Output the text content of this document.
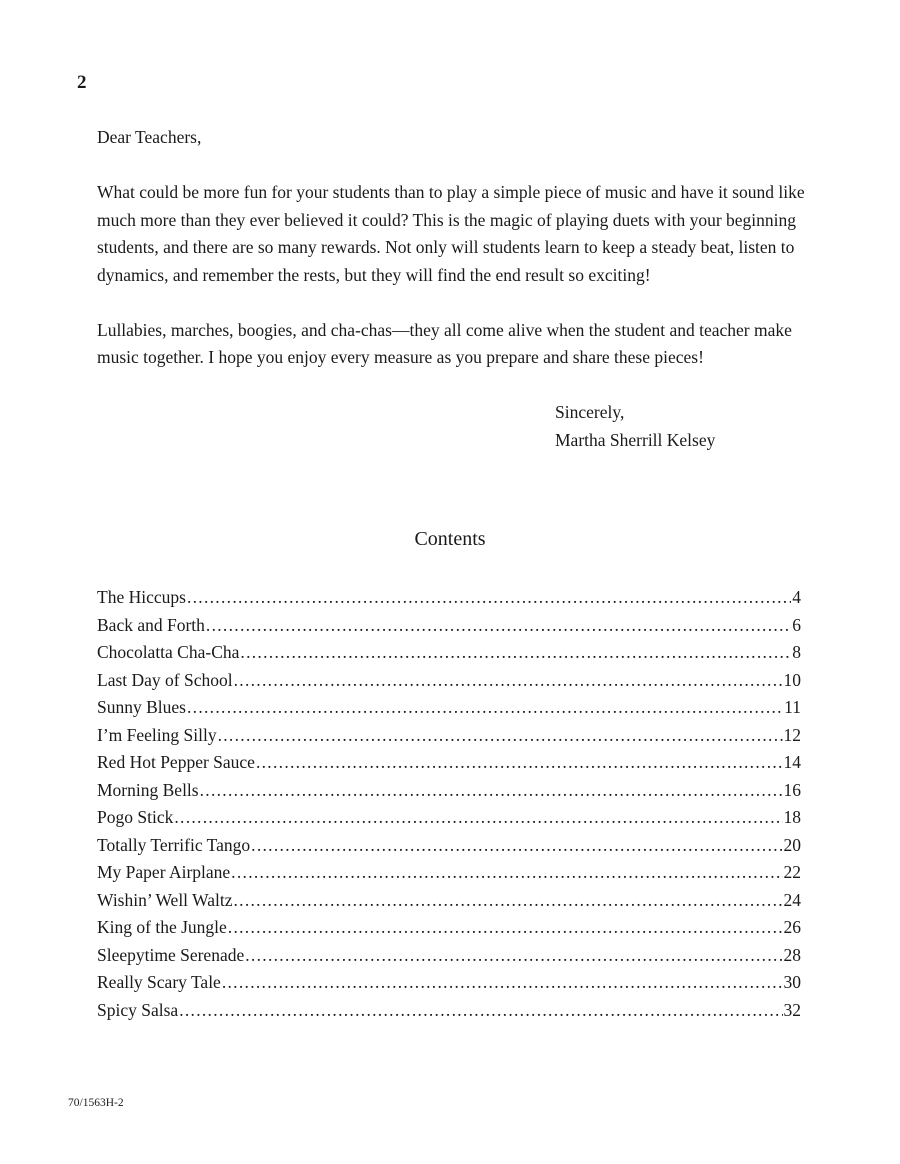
2

Dear Teachers,

What could be more fun for your students than to play a simple piece of music and have it sound like much more than they ever believed it could? This is the magic of playing duets with your beginning students, and there are so many rewards. Not only will students learn to keep a steady beat, listen to dynamics, and remember the rests, but they will find the end result so exciting!

Lullabies, marches, boogies, and cha-chas—they all come alive when the student and teacher make music together. I hope you enjoy every measure as you prepare and share these pieces!

Sincerely,
Martha Sherrill Kelsey
Contents
The Hiccups .....	4
Back and Forth .....	6
Chocolatta Cha-Cha .....	8
Last Day of School .....	10
Sunny Blues .....	11
I’m Feeling Silly .....	12
Red Hot Pepper Sauce .....	14
Morning Bells .....	16
Pogo Stick .....	18
Totally Terrific Tango .....	20
My Paper Airplane .....	22
Wishin’ Well Waltz .....	24
King of the Jungle .....	26
Sleepytime Serenade .....	28
Really Scary Tale .....	30
Spicy Salsa .....	32
70/1563H-2
